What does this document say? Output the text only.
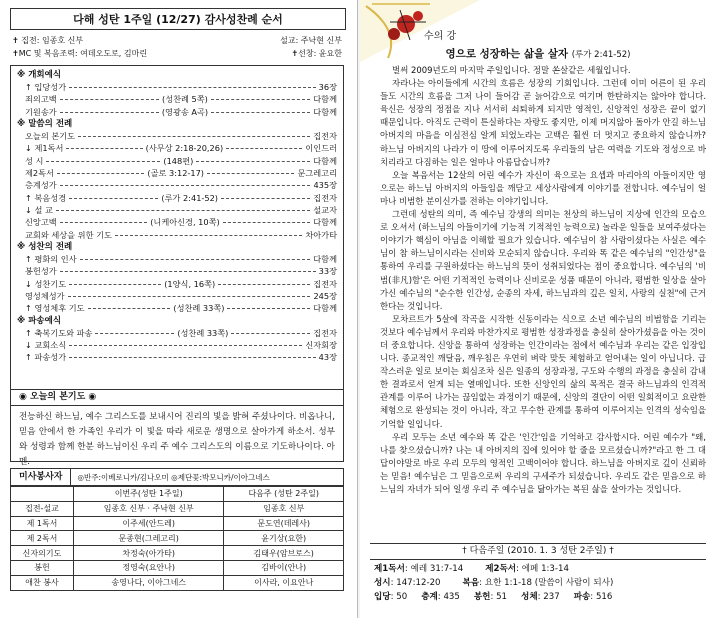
다해 성탄 1주일 (12/27) 감사성찬례 순서
✝ 집전: 임종호 신부	설교: 주낙현 신부
✝MC 및 복음조력: 여데오도로, 김마린	✝선창: 윤요한
※ 개회예식
↑ 입당성가	36장
죄의고백	(성찬례 5쪽)	다함께
기원송가	(영광송 A곡)	다함께
※ 말씀의 전례
오늘의 본기도	집전자
↓ 제1독서	(사무상 2:18-20,26)	이인드러
성 시	(148편)	다함께
제2독서	(골로 3:12-17)	문그레고리
층계성가	435장
↑ 복음성경	(루가 2:41-52)	집전자
↓ 설 교	설교자
신앙고백	(니케아신경, 10쪽)	다함께
교회와 세상을 위한 기도	차아가타
※ 성찬의 전례
↑ 평화의 인사	다함께
봉헌성가	33장
↓ 성찬기도	(1양식, 16쪽)	집전자
영성체성가	245장
↑ 영성체후 기도	(성찬례 33쪽)	다함께
※ 파송예식
↑ 축복기도와 파송	(성찬례 33쪽)	집전자
↓ 교회소식	신자회장
↑ 파송성가	43장
◉ 오늘의 본기도 ◉
전능하신 하느님, 예수 그리스도를 보내시어 진리의 빛을 밝혀 주셨나이다. 비옵나니, 믿음 안에서 한 가족인 우리가 이 빛을 따라 새로운 생명으로 살아가게 하소서. 성부와 성령과 함께 한분 하느님이신 우리 주 예수 그리스도의 이름으로 기도하나이다. 아멘.
미사봉사자	◎반주:이베로니카/김나오미 ◎제단꽃:박모니카/이아그네스
	이번주(성탄 1주일)	다음주 (성탄 2주일)
집전-설교	임종호 신부 · 주낙현 신부	임종호 신부
제 1독서	이주세(안드레)	문도연(데레사)
제 2독서	문종현(그레고리)	윤기상(요한)
신자의기도	차정숙(아가타)	김태우(암브로스)
봉헌	정영숙(요안나)	김바이(안나)
애찬 봉사	송영나다, 이아그네스	이사라, 이요안나
수의 강
영으로 성장하는 삶을 살자 (루가 2:41-52)

벌써 2009년도의 마지막 주일입니다. 정말 쏜살같은 세월입니다.

자라나는 아이들에게 시간의 흐름은 성장의 기회입니다. 그런데 이미 어른이 된 우리들도 시간의 흐름을 그저 나이 들어감 곧 늙어감으로 여기며 한탄하지는 않아야 합니다. 육신은 성장의 정점을 지나 서서히 쇠퇴하게 되지만 영적인, 신앙적인 성장은 끝이 없기 때문입니다. 아직도 근력이 튼실하다는 자랑도 좋지만, 이제 머지않아 돌아가 안길 하느님 아버지의 마음을 이심전심 알게 되었노라는 고백은 훨씬 더 멋지고 중요하지 않습니까? 하느님 아버지의 나라가 이 땅에 이루어지도록 우리들의 남은 여력을 기도와 정성으로 바치리라고 다짐하는 일은 얼마나 아름답습니까?

오늘 복음서는 12살의 어린 예수가 자신이 육으로는 요셉과 마리아의 아들이지만 영으로는 하느님 아버지의 아들임을 깨닫고 세상사람에게 이야기를 전합니다. 예수님이 얼마나 비범한 분이신가를 전하는 이야기입니다.

그런데 성탄의 의미, 즉 예수님 강생의 의미는 천상의 하느님이 지상에 인간의 모습으로 오셔서 (하느님의 아들이기에 기능적 기적적인 능력으로) 놀라운 일들을 보여주셨다는 이야기가 핵심이 아님을 이해할 필요가 있습니다. 예수님이 참 사람이셨다는 사실은 예수님이 참 하느님이시라는 신비와 모순되지 않습니다. 우리와 똑 같은 예수님의 "인간성"을 통하여 우리를 구원하셨다는 하느님의 뜻이 성취되었다는 점이 중요합니다. 예수님의 '비범(非凡)함'은 어떤 기적적인 능력이나 신비로운 성품 때문이 아니라, 평범한 일상을 살아가신 예수님의 "순수한 인간성, 순종의 자세, 하느님과의 깊은 일치, 사랑의 실천"에 근거한다는 것입니다.

모차르트가 5살에 작곡을 시작한 신동이라는 식으로 소년 예수님의 비범함을 기리는 것보다 예수님께서 우리와 마찬가지로 평범한 성장과정을 충실히 살아가셨음을 아는 것이 더 중요합니다. 신앙을 통하여 성장하는 인간이라는 점에서 예수님과 우리는 같은 입장입니다. 종교적인 깨달음, 깨우침은 우연히 벼락 맞듯 체험하고 얻어내는 일이 아닙니다. 급작스러운 일로 보이는 회심조차 실은 일종의 성장과정, 구도와 수행의 과정을 충실히 감내한 결과로서 얻게 되는 열매입니다. 또한 신앙인의 삶의 목적은 결국 하느님과의 인격적 관계를 이루어 나가는 끊임없는 과정이기 때문에, 신앙의 결단이 어떤 일회적이고 요란한 체험으로 완성되는 것이 아니라, 작고 무수한 관계를 통하여 이루어지는 인격의 성숙임을 기억할 일입니다.

우리 모두는 소년 예수와 똑 같은 '인간'임을 기억하고 감사합시다. 어린 예수가 "왜, 나를 찾으셨습니까? 나는 내 아버지의 집에 있어야 할 줄을 모르셨습니까?"라고 한 그 대답이야말로 바로 우리 모두의 영적인 고백이어야 합니다. 하느님을 아버지로 깊이 신뢰하는 믿음! 예수님은 그 믿음으로써 우리의 구세주가 되셨습니다. 우리도 같은 믿음으로 하느님의 자녀가 되어 일생 우리 주 예수님을 닮아가는 복된 삶을 살아가는 것입니다.

† 다음주일 (2010. 1. 3 성탄 2주일) †
제1독서: 예레 31:7-14	제2독서: 에페 1:3-14
성시: 147:12-20	복음: 요한 1:1-18 (말씀이 사람이 되사)
입당: 50 층계: 435 봉헌: 51 성체: 237 파송: 516
